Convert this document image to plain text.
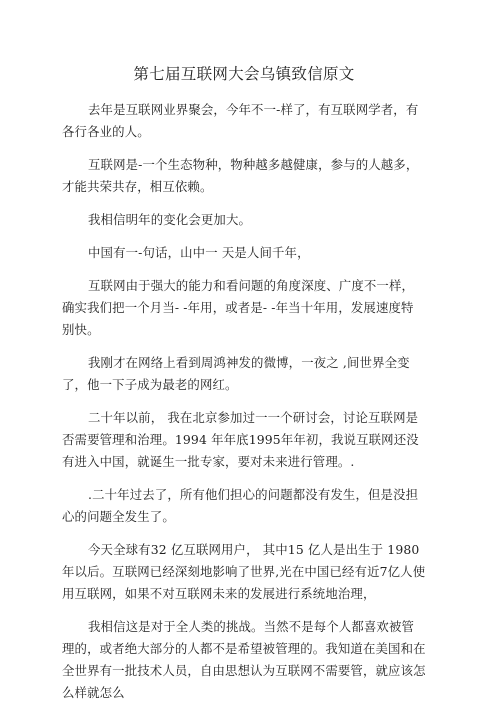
第七届互联网大会乌镇致信原文

去年是互联网业界聚会，今年不一-样了，有互联网学者，有各行各业的人。

互联网是-一个生态物种，物种越多越健康，参与的人越多，才能共荣共存，相互依赖。

我相信明年的变化会更加大。

中国有一-句话，山中一 天是人间千年，

互联网由于强大的能力和看问题的角度深度、广度不一样，确实我们把一个月当- -年用，或者是- -年当十年用，发展速度特别快。

我刚才在网络上看到周鸿神发的微博，一夜之 ,间世界全变了，他一下子成为最老的网红。

二十年以前， 我在北京参加过一一个研讨会，讨论互联网是否需要管理和治理。1994 年年底1995年年初，我说互联网还没有进入中国，就诞生一批专家，要对未来进行管理。.

.二十年过去了，所有他们担心的问题都没有发生，但是没担心的问题全发生了。

今天全球有32 亿互联网用户， 其中15 亿人是出生于 1980年以后。互联网已经深刻地影响了世界,光在中国已经有近7亿人使用互联网，如果不对互联网未来的发展进行系统地治理，

我相信这是对于全人类的挑战。当然不是每个人都喜欢被管理的，或者绝大部分的人都不是希望被管理的。我知道在美国和在全世界有一批技术人员，自由思想认为互联网不需要管，就应该怎么样就怎么
